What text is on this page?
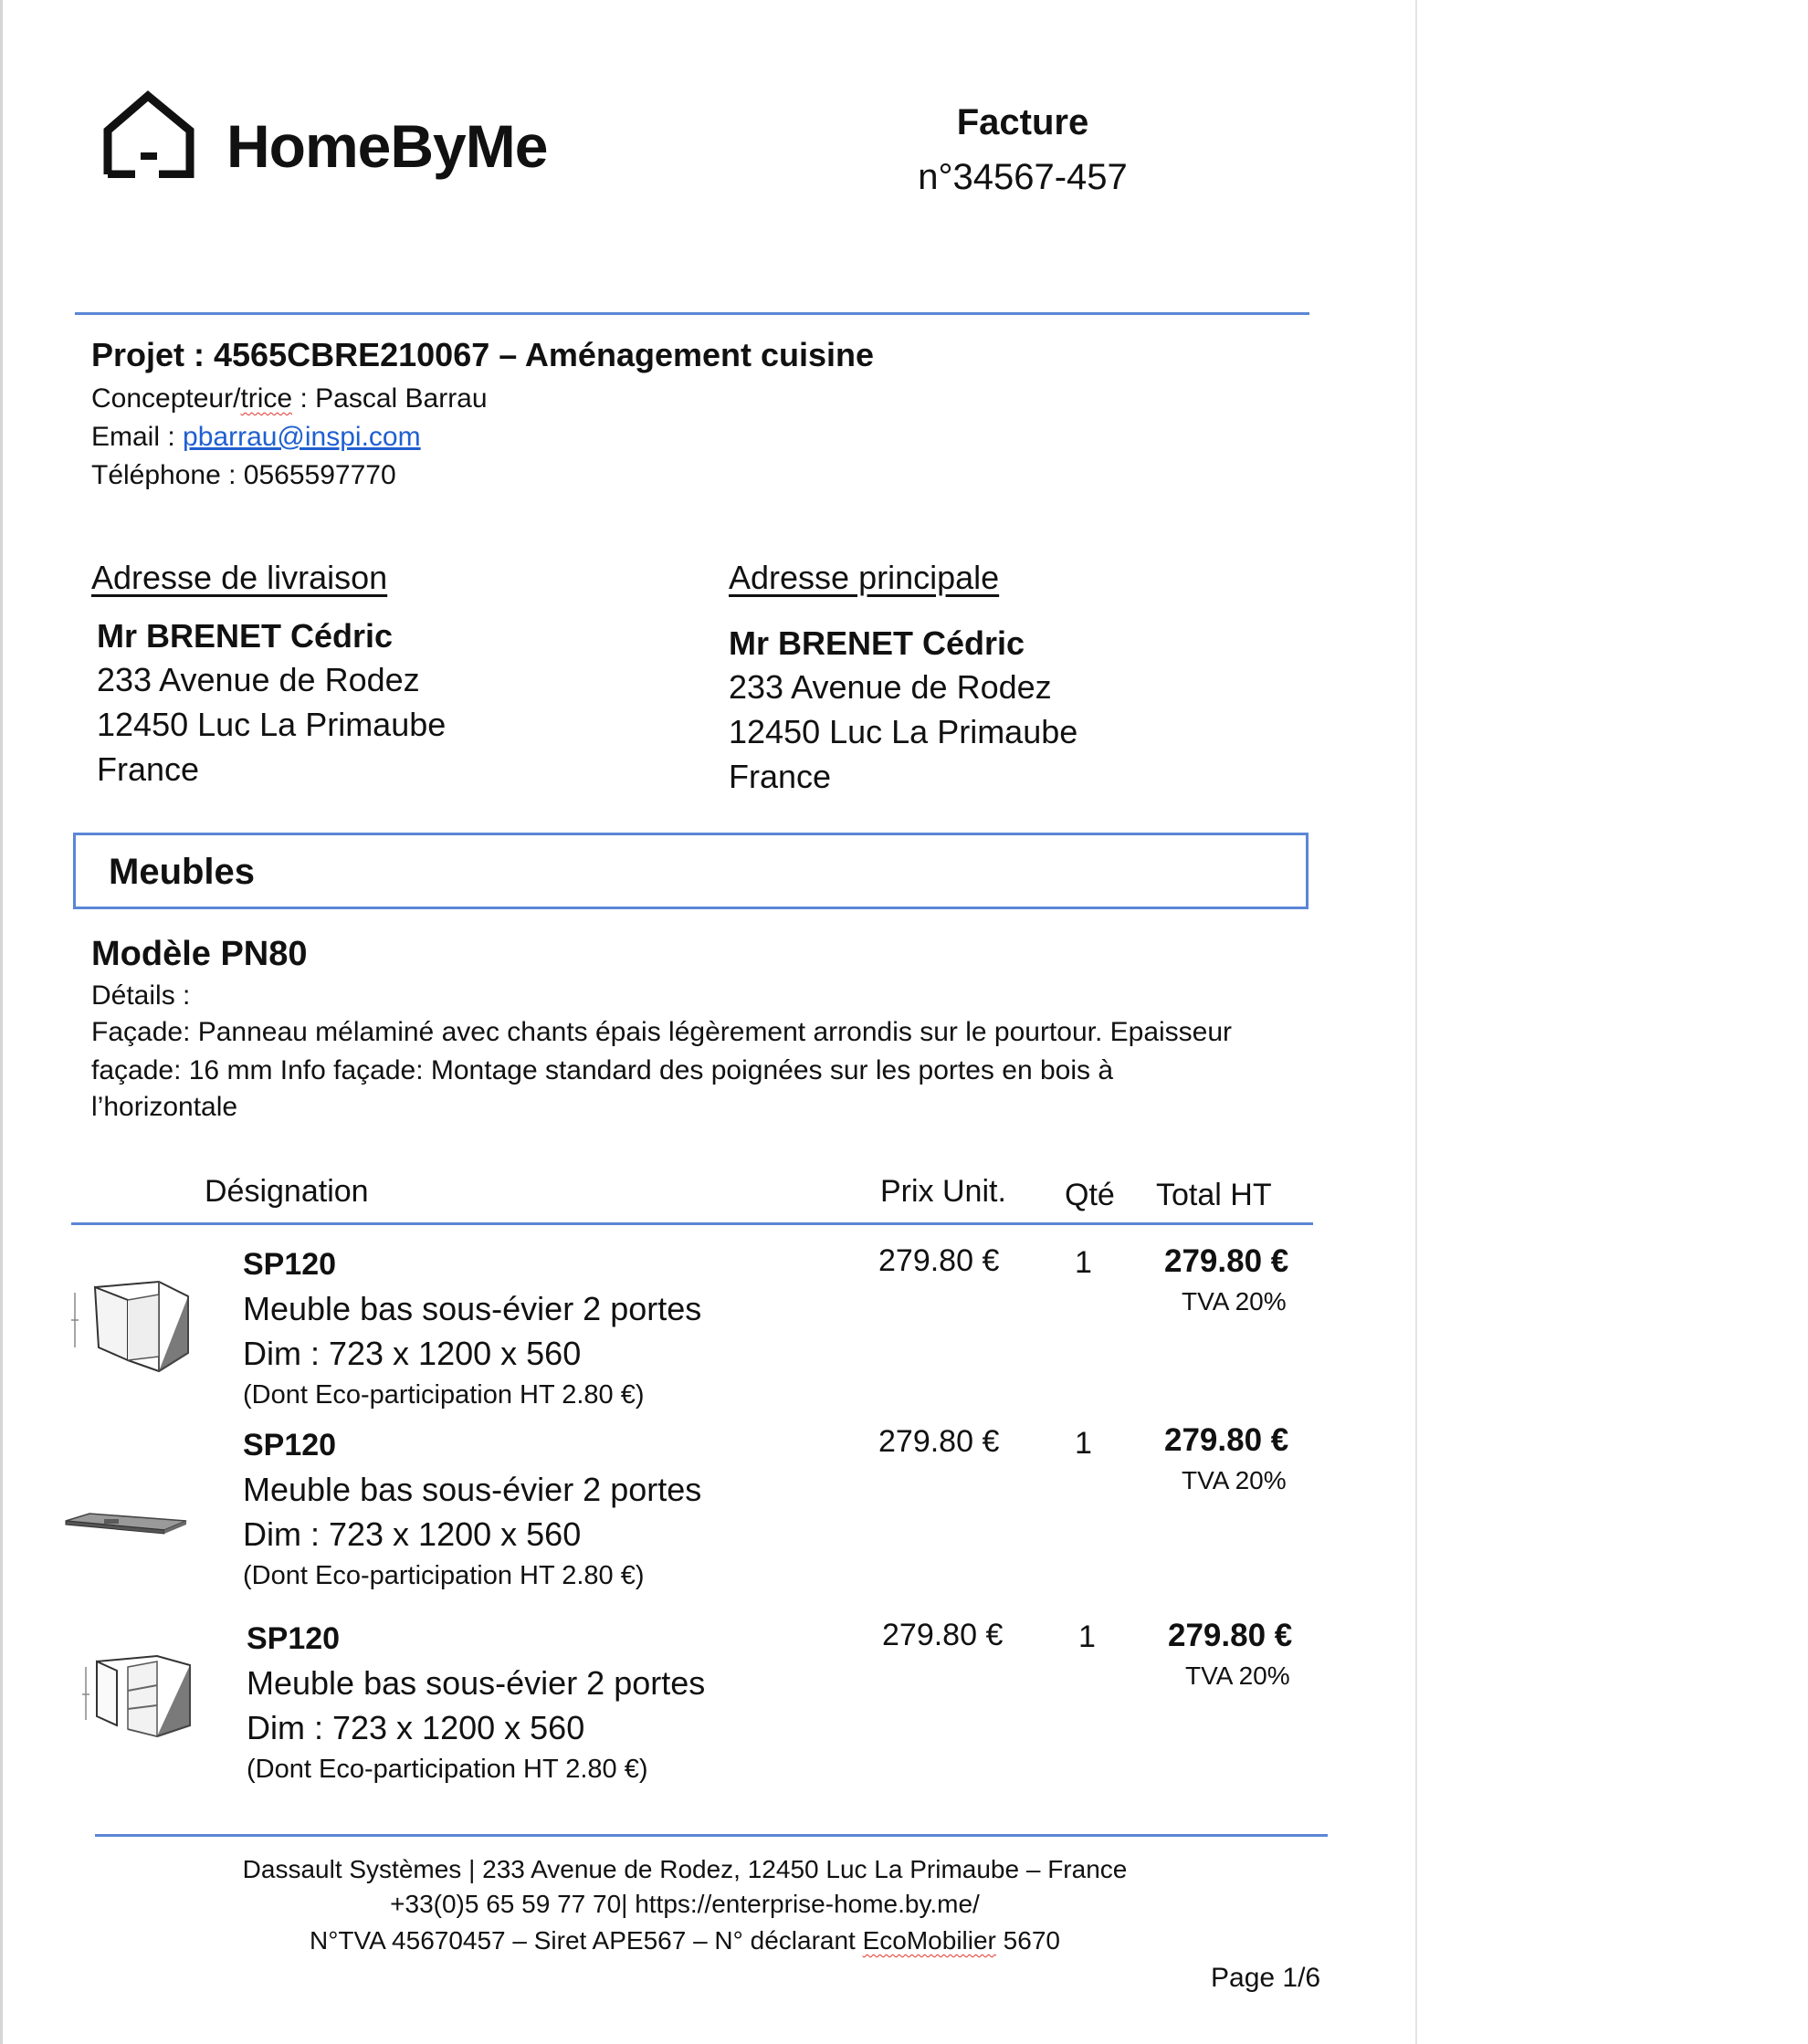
HomeByMe	Facture
n°34567-457
Projet : 4565CBRE210067 – Aménagement cuisine
Concepteur/trice : Pascal Barrau
Email : pbarrau@inspi.com
Téléphone : 0565597770
Adresse de livraison
Mr BRENET Cédric
233 Avenue de Rodez
12450 Luc La Primaube
France
Adresse principale
Mr BRENET Cédric
233 Avenue de Rodez
12450 Luc La Primaube
France
Meubles
Modèle PN80
Détails :
Façade: Panneau mélaminé avec chants épais légèrement arrondis sur le pourtour. Epaisseur
façade: 16 mm Info façade: Montage standard des poignées sur les portes en bois à
l’horizontale
Désignation	Prix Unit. Qté Total HT
SP120
Meuble bas sous-évier 2 portes
Dim : 723 x 1200 x 560
(Dont Eco-participation HT 2.80 €)
279.80 € 1 279.80 €
TVA 20%
SP120
Meuble bas sous-évier 2 portes
Dim : 723 x 1200 x 560
(Dont Eco-participation HT 2.80 €)
279.80 € 1 279.80 €
TVA 20%
SP120
Meuble bas sous-évier 2 portes
Dim : 723 x 1200 x 560
(Dont Eco-participation HT 2.80 €)
279.80 € 1 279.80 €
TVA 20%
Dassault Systèmes | 233 Avenue de Rodez, 12450 Luc La Primaube – France
+33(0)5 65 59 77 70| https://enterprise-home.by.me/
N°TVA 45670457 – Siret APE567 – N° déclarant EcoMobilier 5670
Page 1/6
